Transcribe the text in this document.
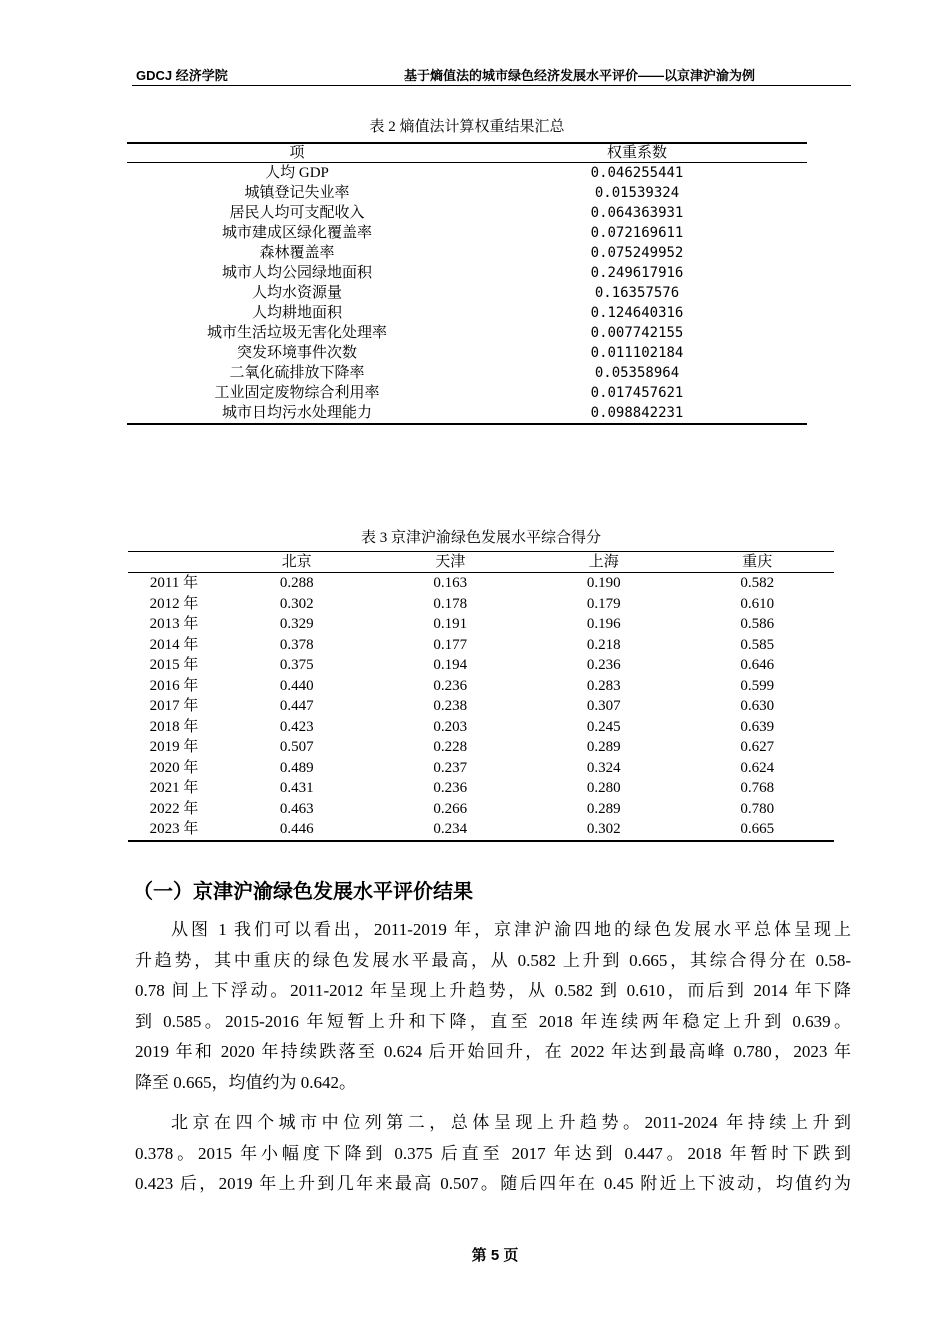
GDCJ 经济学院	基于熵值法的城市绿色经济发展水平评价——以京津沪渝为例
表 2 熵值法计算权重结果汇总
项	权重系数
人均 GDP	0.046255441
城镇登记失业率	0.01539324
居民人均可支配收入	0.064363931
城市建成区绿化覆盖率	0.072169611
森林覆盖率	0.075249952
城市人均公园绿地面积	0.249617916
人均水资源量	0.16357576
人均耕地面积	0.124640316
城市生活垃圾无害化处理率	0.007742155
突发环境事件次数	0.011102184
二氧化硫排放下降率	0.05358964
工业固定废物综合利用率	0.017457621
城市日均污水处理能力	0.098842231
表 3 京津沪渝绿色发展水平综合得分
	北京	天津	上海	重庆
2011 年	0.288	0.163	0.190	0.582
2012 年	0.302	0.178	0.179	0.610
2013 年	0.329	0.191	0.196	0.586
2014 年	0.378	0.177	0.218	0.585
2015 年	0.375	0.194	0.236	0.646
2016 年	0.440	0.236	0.283	0.599
2017 年	0.447	0.238	0.307	0.630
2018 年	0.423	0.203	0.245	0.639
2019 年	0.507	0.228	0.289	0.627
2020 年	0.489	0.237	0.324	0.624
2021 年	0.431	0.236	0.280	0.768
2022 年	0.463	0.266	0.289	0.780
2023 年	0.446	0.234	0.302	0.665
（一）京津沪渝绿色发展水平评价结果
从图 1 我们可以看出，2011-2019 年，京津沪渝四地的绿色发展水平总体呈现上
升趋势，其中重庆的绿色发展水平最高，从 0.582 上升到 0.665，其综合得分在 0.58-
0.78 间上下浮动。2011-2012 年呈现上升趋势，从 0.582 到 0.610，而后到 2014 年下降
到 0.585。2015-2016 年短暂上升和下降，直至 2018 年连续两年稳定上升到 0.639。
2019 年和 2020 年持续跌落至 0.624 后开始回升，在 2022 年达到最高峰 0.780，2023 年
降至 0.665，均值约为 0.642。
北京在四个城市中位列第二，总体呈现上升趋势。2011-2024 年持续上升到
0.378。2015 年小幅度下降到 0.375 后直至 2017 年达到 0.447。2018 年暂时下跌到
0.423 后，2019 年上升到几年来最高 0.507。随后四年在 0.45 附近上下波动，均值约为
第 5 页
